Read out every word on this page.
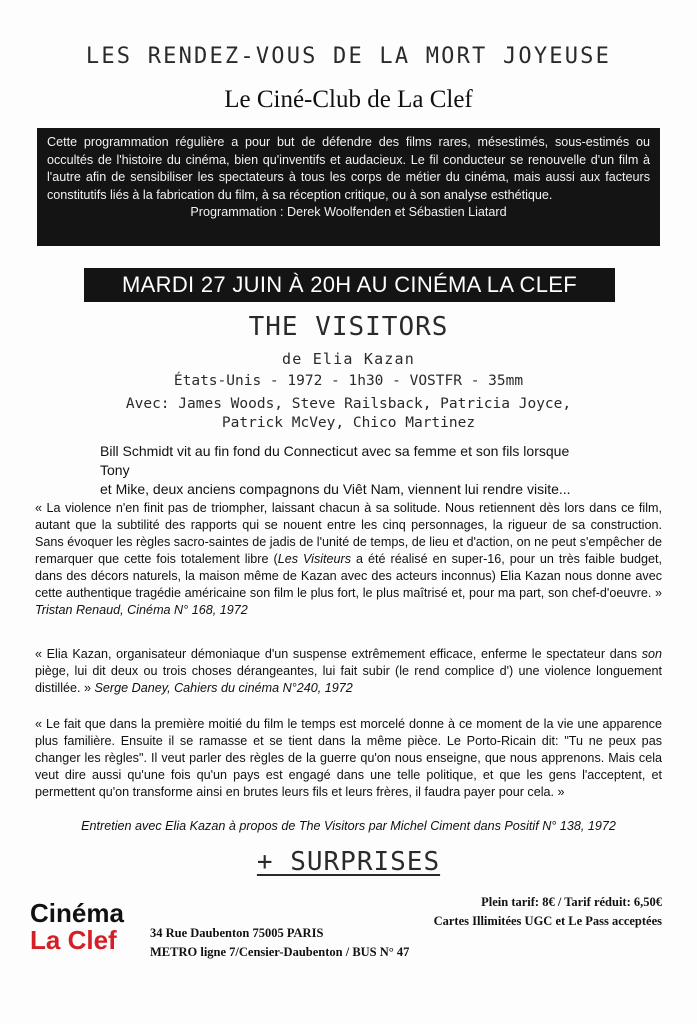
LES RENDEZ-VOUS DE LA MORT JOYEUSE
Le Ciné-Club de La Clef

Cette programmation régulière a pour but de défendre des films rares, mésestimés, sous-estimés ou occultés de l'histoire du cinéma, bien qu'inventifs et audacieux. Le fil conducteur se renouvelle d'un film à l'autre afin de sensibiliser les spectateurs à tous les corps de métier du cinéma, mais aussi aux facteurs constitutifs liés à la fabrication du film, à sa réception critique, ou à son analyse esthétique.

Programmation : Derek Woolfenden et Sébastien Liatard

MARDI 27 JUIN À 20H AU CINÉMA LA CLEF
THE VISITORS
de Elia Kazan
États-Unis - 1972 - 1h30 - VOSTFR - 35mm
Avec: James Woods, Steve Railsback, Patricia Joyce,
Patrick McVey, Chico Martinez
Bill Schmidt vit au fin fond du Connecticut avec sa femme et son fils lorsque Tony
et Mike, deux anciens compagnons du Viêt Nam, viennent lui rendre visite...
« La violence n'en finit pas de triompher, laissant chacun à sa solitude. Nous retiennent dès lors dans ce film, autant que la subtilité des rapports qui se nouent entre les cinq personnages, la rigueur de sa construction. Sans évoquer les règles sacro-saintes de jadis de l'unité de temps, de lieu et d'action, on ne peut s'empêcher de remarquer que cette fois totalement libre (Les Visiteurs a été réalisé en super-16, pour un très faible budget, dans des décors naturels, la maison même de Kazan avec des acteurs inconnus) Elia Kazan nous donne avec cette authentique tragédie américaine son film le plus fort, le plus maîtrisé et, pour ma part, son chef-d'oeuvre. » Tristan Renaud, Cinéma N° 168, 1972
« Elia Kazan, organisateur démoniaque d'un suspense extrêmement efficace, enferme le spectateur dans son piège, lui dit deux ou trois choses dérangeantes, lui fait subir (le rend complice d') une violence longuement distillée. » Serge Daney, Cahiers du cinéma N°240, 1972
« Le fait que dans la première moitié du film le temps est morcelé donne à ce moment de la vie une apparence plus familière. Ensuite il se ramasse et se tient dans la même pièce. Le Porto-Ricain dit: "Tu ne peux pas changer les règles". Il veut parler des règles de la guerre qu'on nous enseigne, que nous apprenons. Mais cela veut dire aussi qu'une fois qu'un pays est engagé dans une telle politique, et que les gens l'acceptent, et permettent qu'on transforme ainsi en brutes leurs fils et leurs frères, il faudra payer pour cela. »
Entretien avec Elia Kazan à propos de The Visitors par Michel Ciment dans Positif N° 138, 1972
+ SURPRISES
Cinéma
La Clef	34 Rue Daubenton 75005 PARIS
METRO ligne 7/Censier-Daubenton / BUS N° 47
Plein tarif: 8€ / Tarif réduit: 6,50€
Cartes Illimitées UGC et Le Pass acceptées
